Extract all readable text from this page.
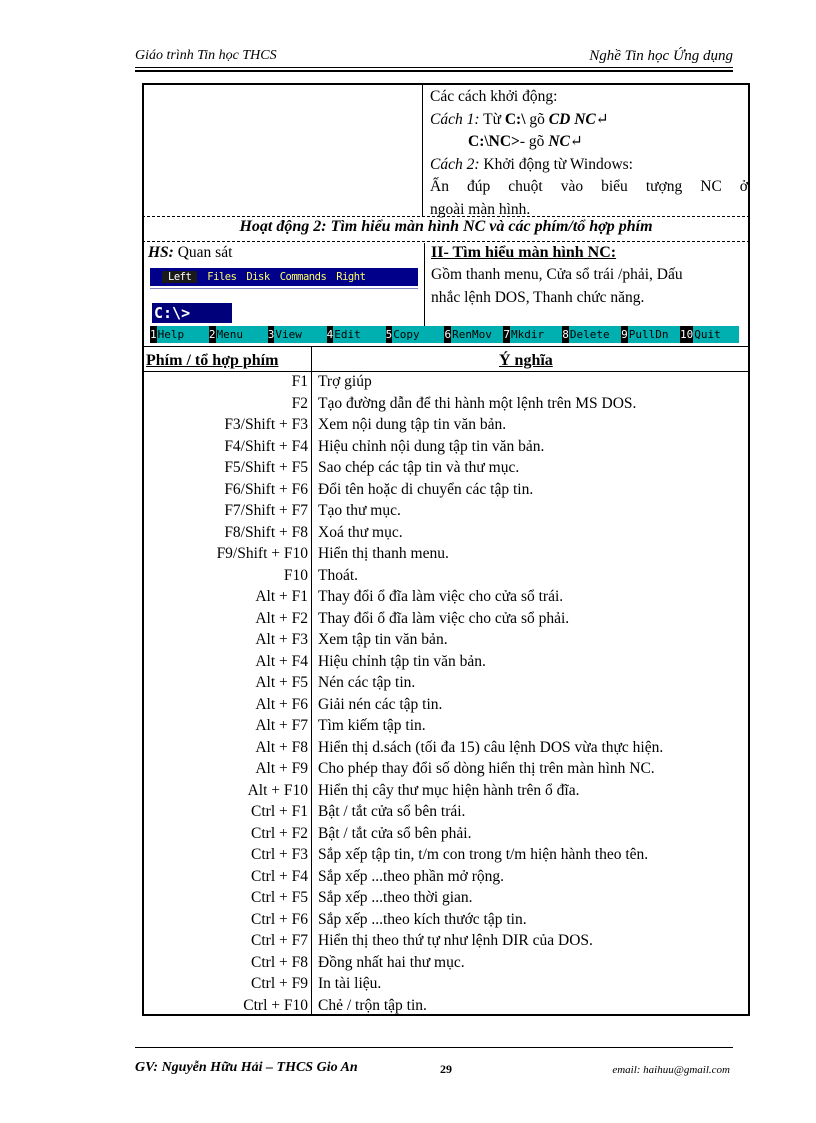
Giáo trình Tin học THCS	Nghề Tin học Ứng dụng
Các cách khởi động:
Cách 1: Từ C:\ gõ CD NC↵
C:\NC>- gõ NC↵
Cách 2: Khởi động từ Windows:
Ấn đúp chuột vào biểu tượng NC ở
ngoài màn hình.
Hoạt động 2: Tìm hiểu màn hình NC và các phím/tổ hợp phím
HS: Quan sát	II- Tìm hiểu màn hình NC:
Gồm thanh menu, Cửa sổ trái /phải, Dấu
nhắc lệnh DOS, Thanh chức năng.
Left	Files Disk Commands Right
C:\>
1 Help	2 Menu	3 View	4 Edit	5 Copy	6 RenMov	7 Mkdir	8 Delete	9 PullDn	10 Quit
Phím / tổ hợp phím	Ý nghĩa
F1 Trợ giúp
F2 Tạo đường dẫn để thi hành một lệnh trên MS DOS.
F3/Shift + F3 Xem nội dung tập tin văn bản.
F4/Shift + F4 Hiệu chỉnh nội dung tập tin văn bản.
F5/Shift + F5 Sao chép các tập tin và thư mục.
F6/Shift + F6 Đổi tên hoặc di chuyển các tập tin.
F7/Shift + F7 Tạo thư mục.
F8/Shift + F8 Xoá thư mục.
F9/Shift + F10 Hiển thị thanh menu.
F10 Thoát.
Alt + F1 Thay đổi ổ đĩa làm việc cho cửa sổ trái.
Alt + F2 Thay đổi ổ đĩa làm việc cho cửa sổ phải.
Alt + F3 Xem tập tin văn bản.
Alt + F4 Hiệu chỉnh tập tin văn bản.
Alt + F5 Nén các tập tin.
Alt + F6 Giải nén các tập tin.
Alt + F7 Tìm kiếm tập tin.
Alt + F8 Hiển thị d.sách (tối đa 15) câu lệnh DOS vừa thực hiện.
Alt + F9 Cho phép thay đổi số dòng hiển thị trên màn hình NC.
Alt + F10 Hiển thị cây thư mục hiện hành trên ổ đĩa.
Ctrl + F1 Bật / tắt cửa sổ bên trái.
Ctrl + F2 Bật / tắt cửa sổ bên phải.
Ctrl + F3 Sắp xếp tập tin, t/m con trong t/m hiện hành theo tên.
Ctrl + F4 Sắp xếp ...theo phần mở rộng.
Ctrl + F5 Sắp xếp ...theo thời gian.
Ctrl + F6 Sắp xếp ...theo kích thước tập tin.
Ctrl + F7 Hiển thị theo thứ tự như lệnh DIR của DOS.
Ctrl + F8 Đồng nhất hai thư mục.
Ctrl + F9 In tài liệu.
Ctrl + F10 Chẻ / trộn tập tin.
GV: Nguyễn Hữu Hải – THCS Gio An	29	email: haihuu@gmail.com
